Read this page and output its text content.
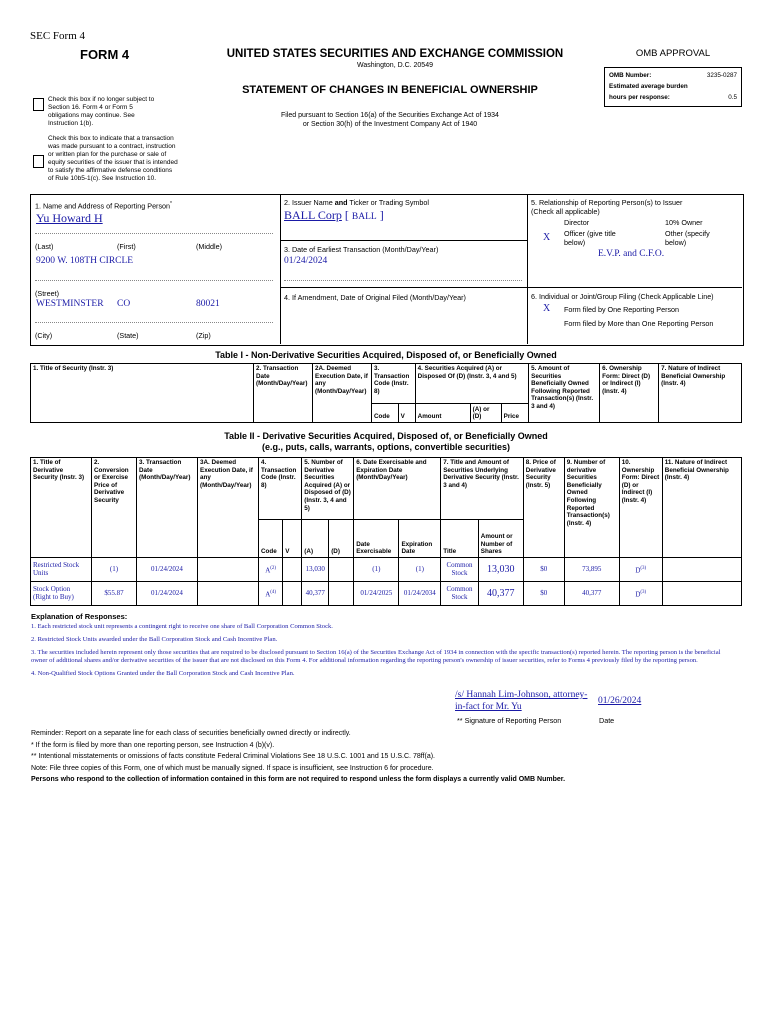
SEC Form 4
FORM 4	UNITED STATES SECURITIES AND EXCHANGE COMMISSION
Washington, D.C. 20549
STATEMENT OF CHANGES IN BENEFICIAL OWNERSHIP
Filed pursuant to Section 16(a) of the Securities Exchange Act of 1934
or Section 30(h) of the Investment Company Act of 1940
Check this box if no longer subject to Section 16. Form 4 or Form 5 obligations may continue. See Instruction 1(b).
Check this box to indicate that a transaction was made pursuant to a contract, instruction or written plan for the purchase or sale of equity securities of the issuer that is intended to satisfy the affirmative defense conditions of Rule 10b5-1(c). See Instruction 10.
OMB APPROVAL
OMB Number:	3235-0287
Estimated average burden
hours per response:	0.5
1. Name and Address of Reporting Person*
Yu Howard H
(Last)	(First)	(Middle)
9200 W. 108TH CIRCLE
(Street)
WESTMINSTER CO	80021
(City)	(State)	(Zip)
2. Issuer Name and Ticker or Trading Symbol
BALL Corp [ BALL ]
3. Date of Earliest Transaction (Month/Day/Year)
01/24/2024
4. If Amendment, Date of Original Filed (Month/Day/Year)
5. Relationship of Reporting Person(s) to Issuer
(Check all applicable)
Director	10% Owner
X Officer (give title below)
Other (specify below)
E.V.P. and C.F.O.
6. Individual or Joint/Group Filing (Check Applicable Line)
X Form filed by One Reporting Person
Form filed by More than One Reporting Person
Table I - Non-Derivative Securities Acquired, Disposed of, or Beneficially Owned
1. Title of Security (Instr. 3)	2. Transaction Date (Month/Day/Year)	2A. Deemed Execution Date, if any (Month/Day/Year)	3. Transaction Code (Instr. 8)		4. Securities Acquired (A) or Disposed Of (D) (Instr. 3, 4 and 5)			5. Amount of Securities Beneficially Owned Following Reported Transaction(s) (Instr. 3 and 4)	6. Ownership Form: Direct (D) or Indirect (I) (Instr. 4)	7. Nature of Indirect Beneficial Ownership (Instr. 4)
			Code	V	Amount	(A) or (D)	Price			
Table II - Derivative Securities Acquired, Disposed of, or Beneficially Owned
(e.g., puts, calls, warrants, options, convertible securities)
1. Title of Derivative Security (Instr. 3)	2. Conversion or Exercise Price of Derivative Security	3. Transaction Date (Month/Day/Year)	3A. Deemed Execution Date, if any (Month/Day/Year)	4. Transaction Code (Instr. 8)		5. Number of Derivative Securities Acquired (A) or Disposed of (D) (Instr. 3, 4 and 5)		6. Date Exercisable and Expiration Date (Month/Day/Year)		7. Title and Amount of Securities Underlying Derivative Security (Instr. 3 and 4)		8. Price of Derivative Security (Instr. 5)	9. Number of derivative Securities Beneficially Owned Following Reported Transaction(s) (Instr. 4)	10. Ownership Form: Direct (D) or Indirect (I) (Instr. 4)	11. Nature of Indirect Beneficial Ownership (Instr. 4)
				Code	V	(A)	(D)	Date Exercisable	Expiration Date	Title	Amount or Number of Shares				
Restricted Stock Units	(1)	01/24/2024		$A^{(2)}$		13,030		(1)	(1)	Common Stock	13,030	$0	73,895	$D^{(3)}$	
Stock Option (Right to Buy)	$55.87	01/24/2024		$A^{(4)}$		40,377		01/24/2025	01/24/2034	Common Stock	40,377	$0	40,377	$D^{(3)}$	
Explanation of Responses:
1. Each restricted stock unit represents a contingent right to receive one share of Ball Corporation Common Stock.
2. Restricted Stock Units awarded under the Ball Corporation Stock and Cash Incentive Plan.
3. The securities included herein represent only those securities that are required to be disclosed pursuant to Section 16(a) of the Securities Exchange Act of 1934 in connection with the specific transaction(s) reported herein. The reporting person is the beneficial owner of additional shares and/or derivative securities of the issuer that are not disclosed on this Form 4. For additional information regarding the reporting person's ownership of issuer securities, refer to Forms 4 previously filed by the reporting person.
4. Non-Qualified Stock Options Granted under the Ball Corporation Stock and Cash Incentive Plan.
/s/ Hannah Lim-Johnson, attorney-in-fact for Mr. Yu
01/26/2024
** Signature of Reporting Person	Date
Reminder: Report on a separate line for each class of securities beneficially owned directly or indirectly.
* If the form is filed by more than one reporting person, see Instruction 4 (b)(v).
** Intentional misstatements or omissions of facts constitute Federal Criminal Violations See 18 U.S.C. 1001 and 15 U.S.C. 78ff(a).
Note: File three copies of this Form, one of which must be manually signed. If space is insufficient, see Instruction 6 for procedure.
Persons who respond to the collection of information contained in this form are not required to respond unless the form displays a currently valid OMB Number.
